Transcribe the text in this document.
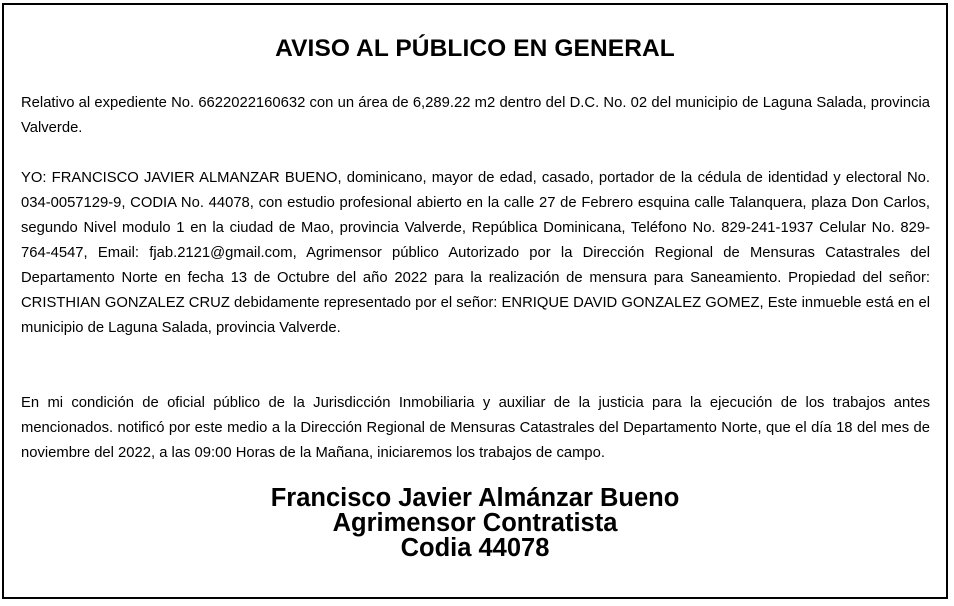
AVISO AL PÚBLICO EN GENERAL

Relativo al expediente No. 6622022160632 con un área de 6,289.22 m2 dentro del D.C. No. 02 del municipio de Laguna Salada, provincia Valverde.

YO: FRANCISCO JAVIER ALMANZAR BUENO, dominicano, mayor de edad, casado, portador de la cédula de identidad y electoral No. 034-0057129-9, CODIA No. 44078, con estudio profesional abierto en la calle 27 de Febrero esquina calle Talanquera, plaza Don Carlos, segundo Nivel modulo 1 en la ciudad de Mao, provincia Valverde, República Dominicana, Teléfono No. 829-241-1937 Celular No. 829-764-4547, Email: fjab.2121@gmail.com, Agrimensor público Autorizado por la Dirección Regional de Mensuras Catastrales del Departamento Norte en fecha 13 de Octubre del año 2022 para la realización de mensura para Saneamiento. Propiedad del señor: CRISTHIAN GONZALEZ CRUZ debidamente representado por el señor: ENRIQUE DAVID GONZALEZ GOMEZ, Este inmueble está en el municipio de Laguna Salada, provincia Valverde.

En mi condición de oficial público de la Jurisdicción Inmobiliaria y auxiliar de la justicia para la ejecución de los trabajos antes mencionados. notificó por este medio a la Dirección Regional de Mensuras Catastrales del Departamento Norte, que el día 18 del mes de noviembre del 2022, a las 09:00 Horas de la Mañana, iniciaremos los trabajos de campo.

Francisco Javier Almánzar Bueno
Agrimensor Contratista
Codia 44078
